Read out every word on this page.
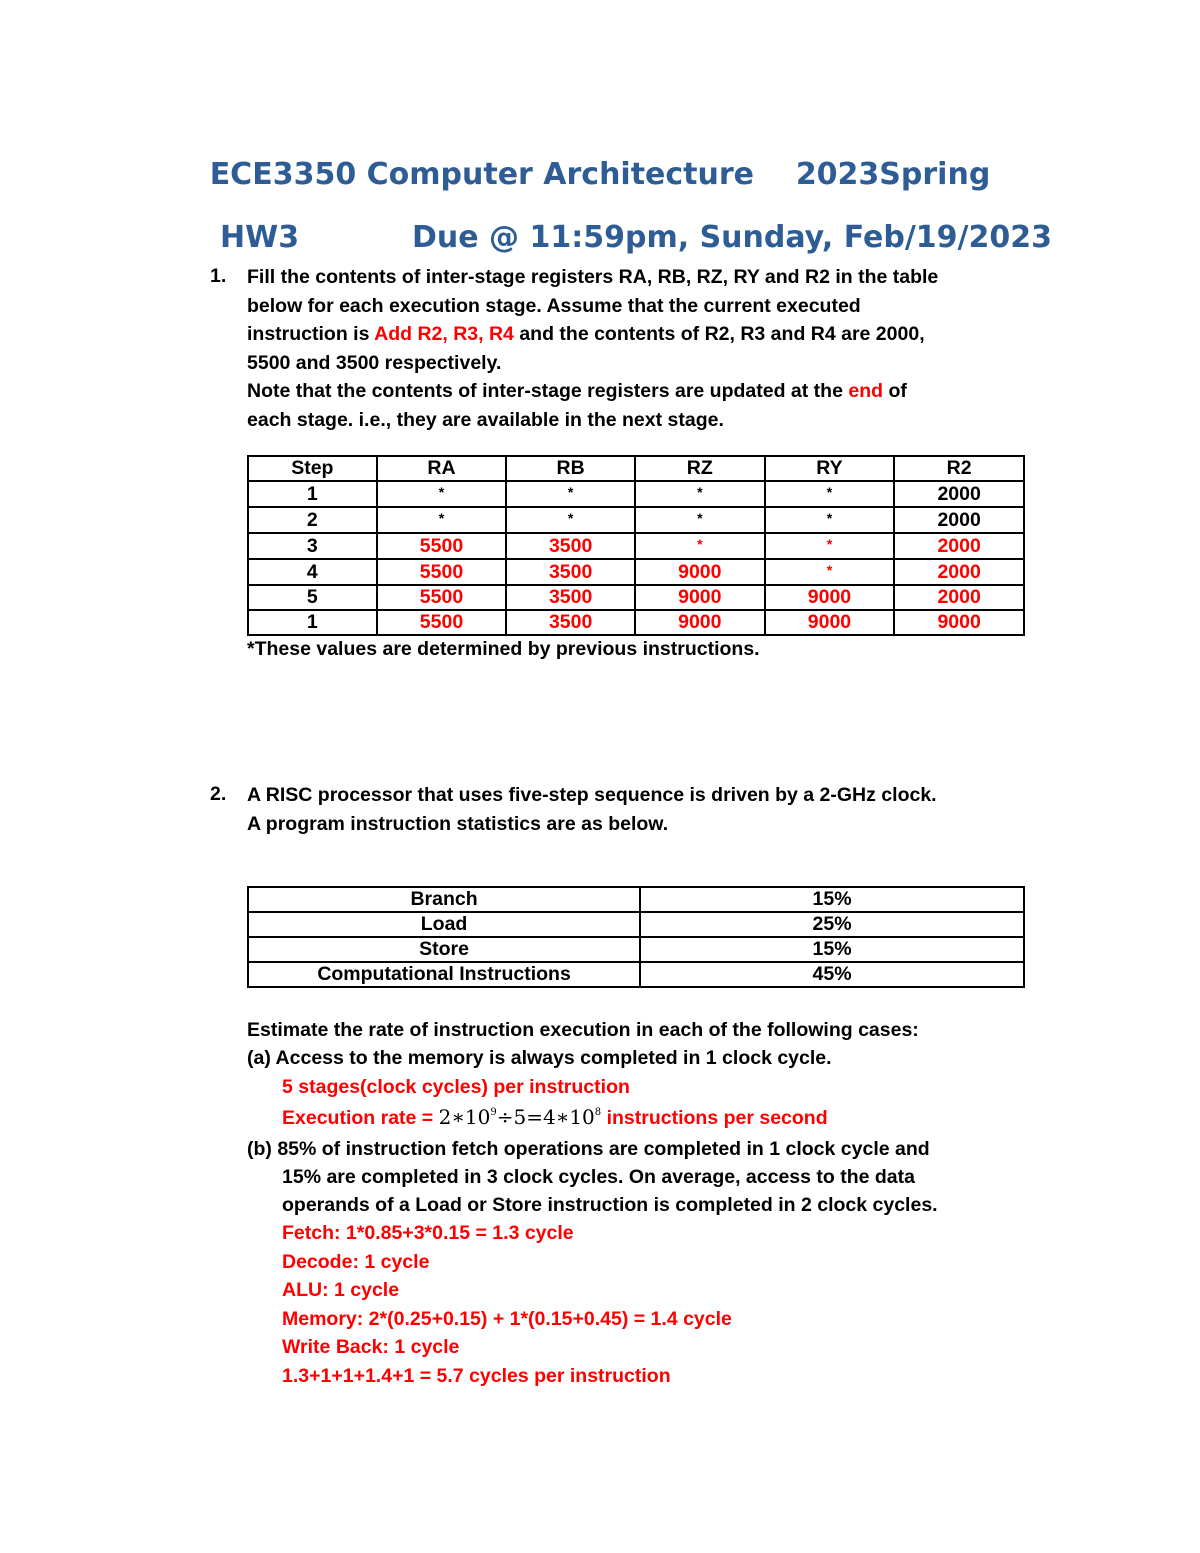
ECE3350 Computer Architecture 2023Spring
HW3	Due @ 11:59pm, Sunday, Feb/19/2023
1. Fill the contents of inter-stage registers RA, RB, RZ, RY and R2 in the table
below for each execution stage. Assume that the current executed
instruction is Add R2, R3, R4 and the contents of R2, R3 and R4 are 2000,
5500 and 3500 respectively.
Note that the contents of inter-stage registers are updated at the end of
each stage. i.e., they are available in the next stage.
Step	RA	RB	RZ	RY	R2
1	*	*	*	*	2000
2	*	*	*	*	2000
3	5500	3500	*	*	2000
4	5500	3500	9000	*	2000
5	5500	3500	9000	9000	2000
1	5500	3500	9000	9000	9000
*These values are determined by previous instructions.
2. A RISC processor that uses five-step sequence is driven by a 2-GHz clock.
A program instruction statistics are as below.
Branch	15%
Load	25%
Store	15%
Computational Instructions	45%
Estimate the rate of instruction execution in each of the following cases:
(a) Access to the memory is always completed in 1 clock cycle.
5 stages(clock cycles) per instruction
Execution rate = $2∗10^9\div 5=4∗10^8$ instructions per second
(b) 85% of instruction fetch operations are completed in 1 clock cycle and
15% are completed in 3 clock cycles. On average, access to the data
operands of a Load or Store instruction is completed in 2 clock cycles.
Fetch: 1*0.85+3*0.15 = 1.3 cycle
Decode: 1 cycle
ALU: 1 cycle
Memory: 2*(0.25+0.15) + 1*(0.15+0.45) = 1.4 cycle
Write Back: 1 cycle
1.3+1+1+1.4+1 = 5.7 cycles per instruction
